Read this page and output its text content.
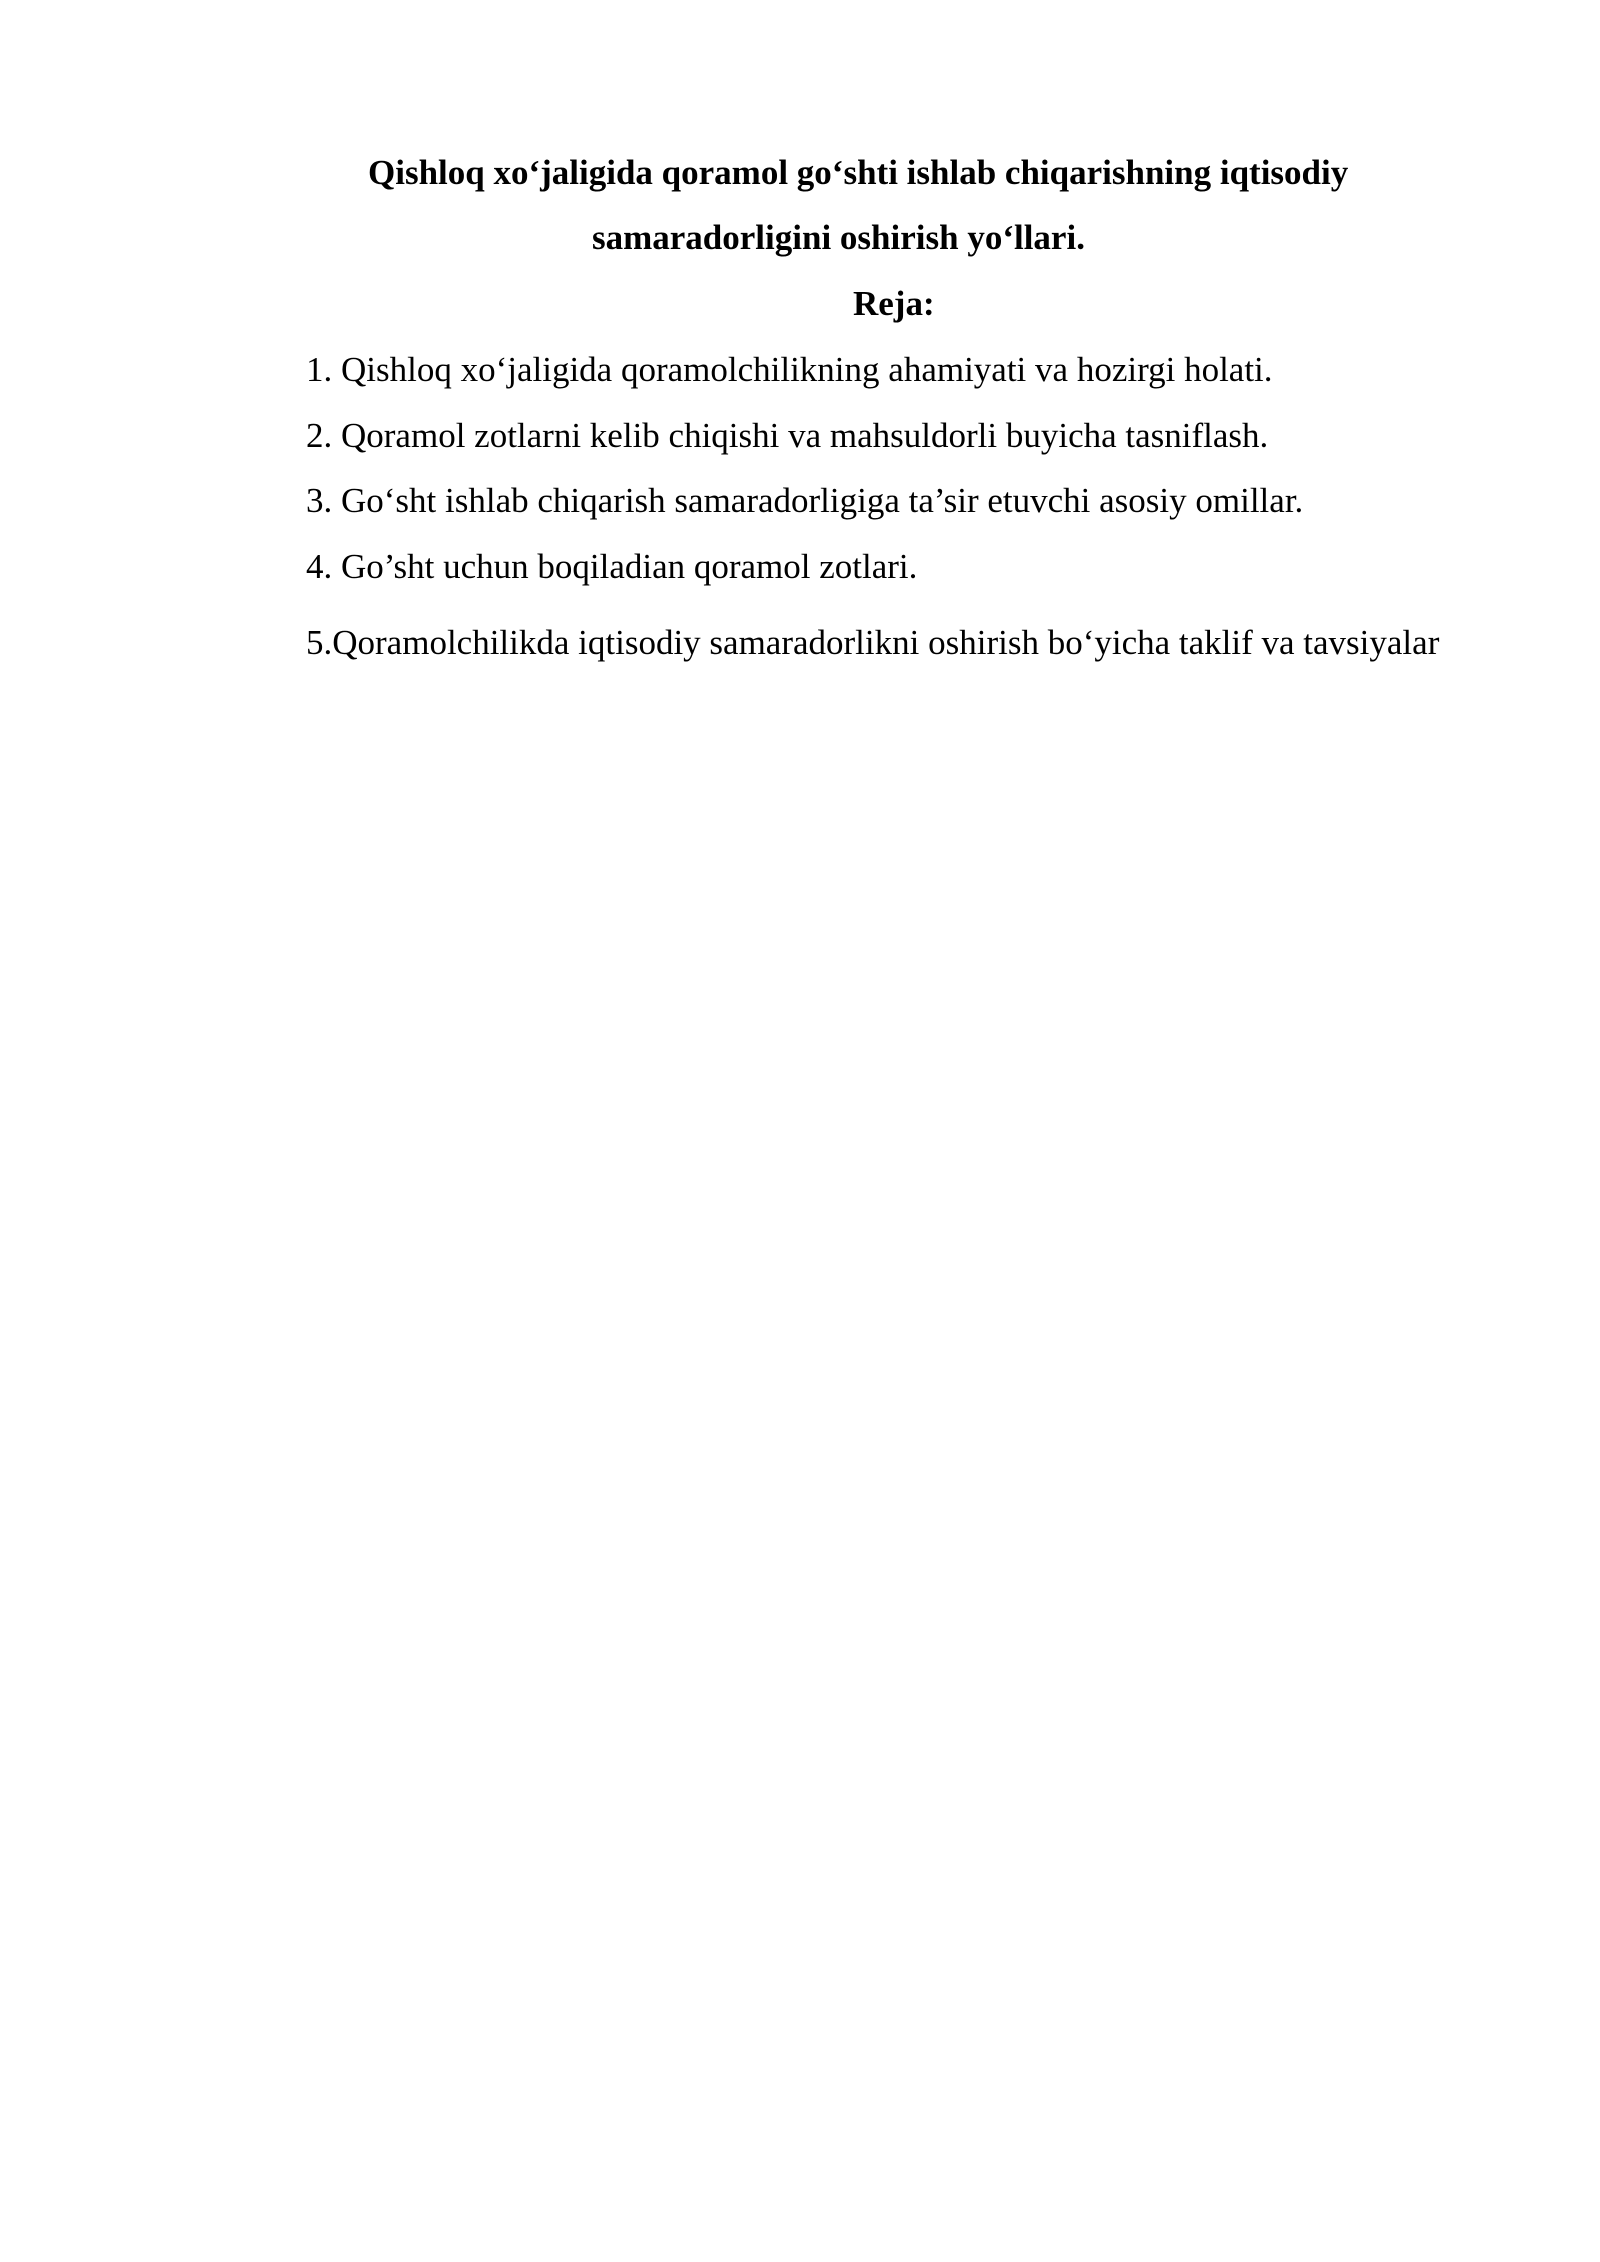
Qishloq xo‘jaligida qoramol go‘shti ishlab chiqarishning iqtisodiy
samaradorligini oshirish yo‘llari.
Reja:
1. Qishloq xo‘jaligida qoramolchilikning ahamiyati va hozirgi holati.
2. Qoramol zotlarni kelib chiqishi va mahsuldorli buyicha tasniflash.
3. Go‘sht ishlab chiqarish samaradorligiga ta’sir etuvchi asosiy omillar.
4. Go’sht uchun boqiladian qoramol zotlari.

5.Qoramolchilikda iqtisodiy samaradorlikni oshirish bo‘yicha taklif va tavsiyalar
